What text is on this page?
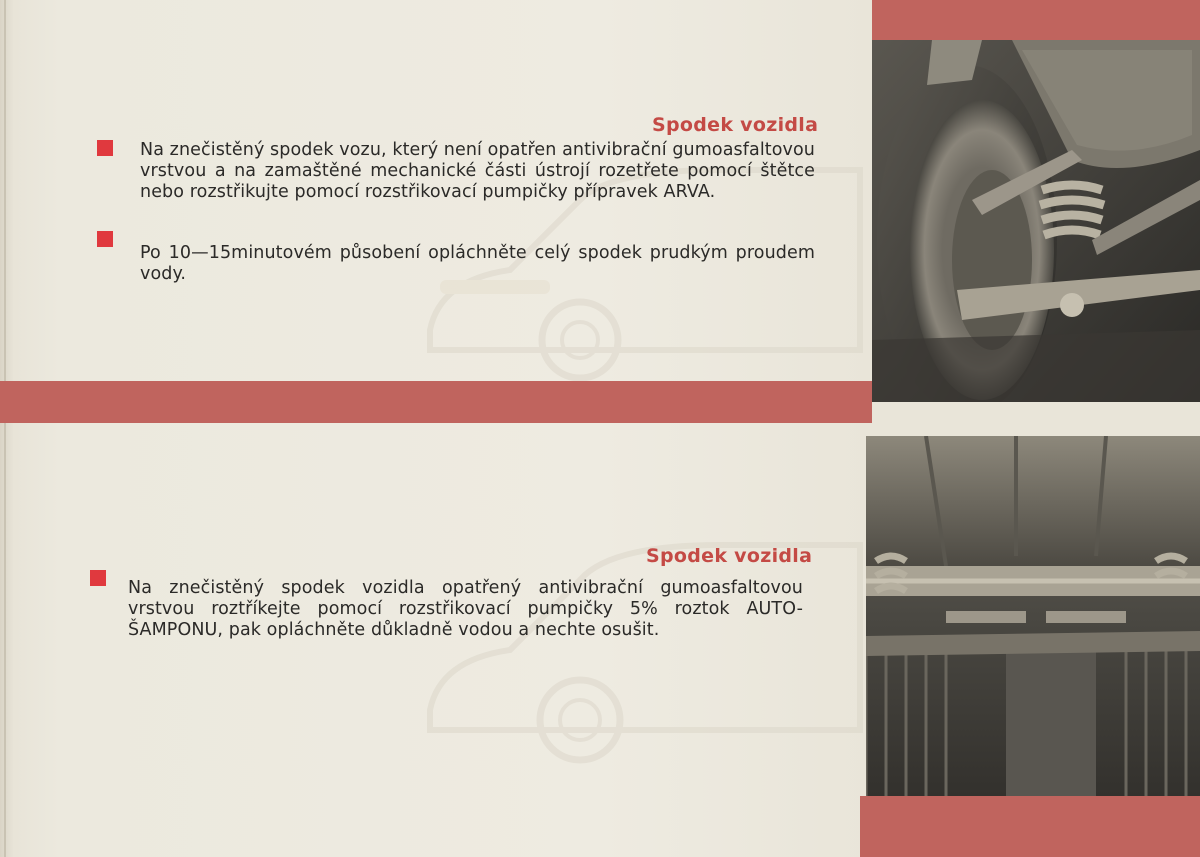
Spodek vozidla
Na znečistěný spodek vozu, který není opatřen antivibrační gumoasfaltovou vrstvou a na zamaštěné mechanické části ústrojí rozetřete pomocí štětce nebo rozstřikujte pomocí rozstřikovací pumpičky přípravek ARVA.
Po 10—15minutovém působení opláchněte celý spodek prudkým proudem vody.
Spodek vozidla
Na znečistěný spodek vozidla opatřený antivibrační gumoasfaltovou vrstvou roztříkejte pomocí rozstřikovací pumpičky 5% roztok AUTO-ŠAMPONU, pak opláchněte důkladně vodou a nechte osušit.
